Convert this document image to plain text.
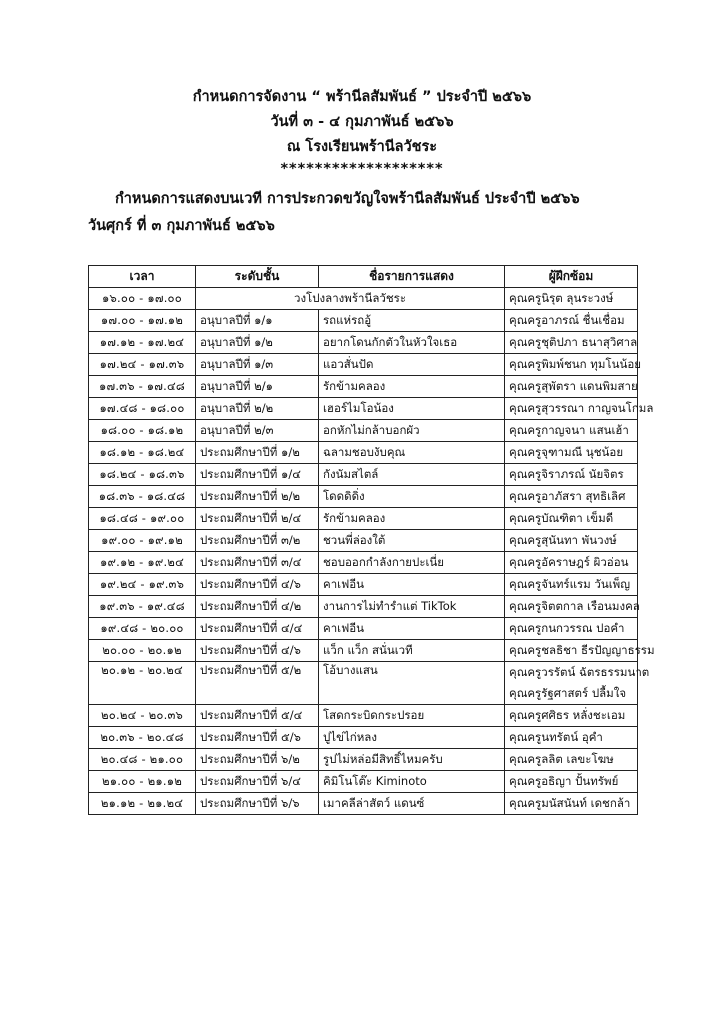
กำหนดการจัดงาน “ พร้านีลสัมพันธ์ ” ประจำปี ๒๕๖๖
วันที่ ๓ - ๔ กุมภาพันธ์ ๒๕๖๖
ณ โรงเรียนพร้านีลวัชระ
*******************
กำหนดการแสดงบนเวที การประกวดขวัญใจพร้านีลสัมพันธ์ ประจำปี ๒๕๖๖
วันศุกร์ ที่ ๓ กุมภาพันธ์ ๒๕๖๖
เวลา	ระดับชั้น	ชื่อรายการแสดง	ผู้ฝึกซ้อม
๑๖.๐๐ - ๑๗.๐๐	วงโปงลางพร้านีลวัชระ		คุณครูนิรุต ลุนระวงษ์

๑๗.๐๐ - ๑๗.๑๒	อนุบาลปีที่ ๑/๑	รถแห่รถอู้	คุณครูอาภรณ์ ชื่นเชื่อม

๑๗.๑๒ - ๑๗.๒๔	อนุบาลปีที่ ๑/๒	อยากโดนกักตัวในหัวใจเธอ	คุณครูชุติปภา ธนาสุวิศาล

๑๗.๒๔ - ๑๗.๓๖	อนุบาลปีที่ ๑/๓	แอวสั่นปัด	คุณครูพิมพ์ชนก ทุมโนน้อย

๑๗.๓๖ - ๑๗.๔๘	อนุบาลปีที่ ๒/๑	รักข้ามคลอง	คุณครูสุพัตรา แดนพิมสาย

๑๗.๔๘ - ๑๘.๐๐	อนุบาลปีที่ ๒/๒	เฮอร์ไมโอน้อง	คุณครูสุวรรณา กาญจนโกมล

๑๘.๐๐ - ๑๘.๑๒	อนุบาลปีที่ ๒/๓	อกหักไม่กล้าบอกผัว	คุณครูกาญจนา แสนเฮ้า

๑๘.๑๒ - ๑๘.๒๔	ประถมศึกษาปีที่ ๑/๒	ฉลามชอบงับคุณ	คุณครูจุฑามณี นุชน้อย

๑๘.๒๔ - ๑๘.๓๖	ประถมศึกษาปีที่ ๑/๔	กังนัมสไตล์	คุณครูจิราภรณ์ นัยจิตร

๑๘.๓๖ - ๑๘.๔๘	ประถมศึกษาปีที่ ๒/๒	โดดดิดิ่ง	คุณครูอาภัสรา สุทธิเลิศ

๑๘.๔๘ - ๑๙.๐๐	ประถมศึกษาปีที่ ๒/๔	รักข้ามคลอง	คุณครูบัณฑิตา เข็มดี

๑๙.๐๐ - ๑๙.๑๒	ประถมศึกษาปีที่ ๓/๒	ชวนพี่ล่องใต้	คุณครูสุนันทา พันวงษ์

๑๙.๑๒ - ๑๙.๒๔	ประถมศึกษาปีที่ ๓/๔	ชอบออกกำลังกายปะเนี่ย	คุณครูอัคราษฎร์ ผิวอ่อน

๑๙.๒๔ - ๑๙.๓๖	ประถมศึกษาปีที่ ๔/๖	คาเฟอีน	คุณครูจันทร์แรม วันเพ็ญ

๑๙.๓๖ - ๑๙.๔๘	ประถมศึกษาปีที่ ๔/๒	งานการไม่ทำรำแต่ TikTok	คุณครูจิตตกาล เรือนมงคล

๑๙.๔๘ - ๒๐.๐๐	ประถมศึกษาปีที่ ๔/๔	คาเฟอีน	คุณครูกนกวรรณ ปอคำ

๒๐.๐๐ - ๒๐.๑๒	ประถมศึกษาปีที่ ๔/๖	แว็ก แว็ก สนั่นเวที	คุณครูชลธิชา ธีรปัญญาธรรม

๒๐.๑๒ - ๒๐.๒๔	ประถมศึกษาปีที่ ๕/๒	โอ้บางแสน	คุณครูวรรัตน์ ฉัตรธรรมนาต
คุณครูรัฐศาสตร์ ปลื้มใจ

๒๐.๒๔ - ๒๐.๓๖	ประถมศึกษาปีที่ ๕/๔	โสดกระบิดกระปรอย	คุณครูศศิธร หลั่งชะเอม

๒๐.๓๖ - ๒๐.๔๘	ประถมศึกษาปีที่ ๕/๖	ปูไข่ไก่หลง	คุณครูนทรัตน์ อุคำ

๒๐.๔๘ - ๒๑.๐๐	ประถมศึกษาปีที่ ๖/๒	รูปไม่หล่อมีสิทธิ์ไหมครับ	คุณครูลลิต เลขะโฆษ

๒๑.๐๐ - ๒๑.๑๒	ประถมศึกษาปีที่ ๖/๔	คิมิโนโต๊ะ Kiminoto	คุณครูอธิญา ปั้นทรัพย์

๒๑.๑๒ - ๒๑.๒๔	ประถมศึกษาปีที่ ๖/๖	เมาคลีล่าสัตว์ แดนซ์	คุณครูมนัสนันท์ เดชกล้า
